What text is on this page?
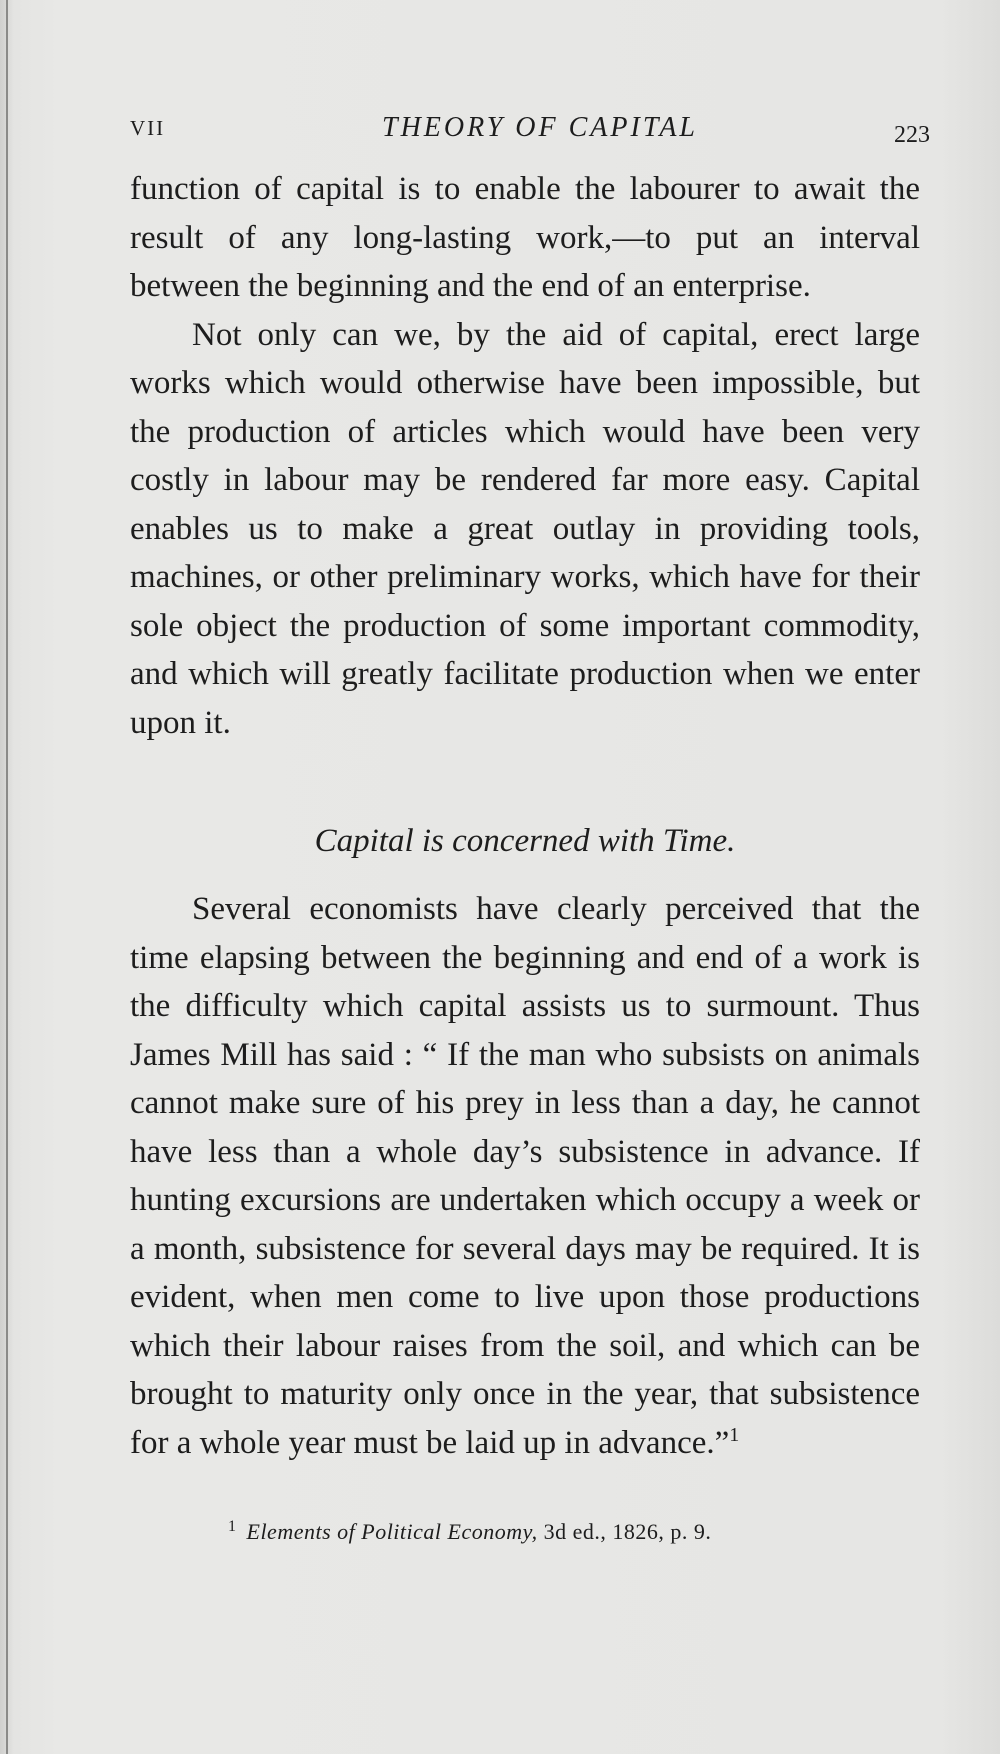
VII	THEORY OF CAPITAL	223

function of capital is to enable the labourer to await the result of any long-lasting work,—to put an interval between the beginning and the end of an enterprise.

Not only can we, by the aid of capital, erect large works which would otherwise have been impossible, but the production of articles which would have been very costly in labour may be rendered far more easy. Capital enables us to make a great outlay in providing tools, machines, or other preliminary works, which have for their sole object the production of some important commodity, and which will greatly facilitate production when we enter upon it.

Capital is concerned with Time.

Several economists have clearly perceived that the time elapsing between the beginning and end of a work is the difficulty which capital assists us to surmount. Thus James Mill has said : “ If the man who subsists on animals cannot make sure of his prey in less than a day, he cannot have less than a whole day’s subsistence in advance. If hunting excursions are undertaken which occupy a week or a month, subsistence for several days may be required. It is evident, when men come to live upon those productions which their labour raises from the soil, and which can be brought to maturity only once in the year, that subsistence for a whole year must be laid up in advance.”$^1$

$^1$ Elements of Political Economy, 3d ed., 1826, p. 9.
